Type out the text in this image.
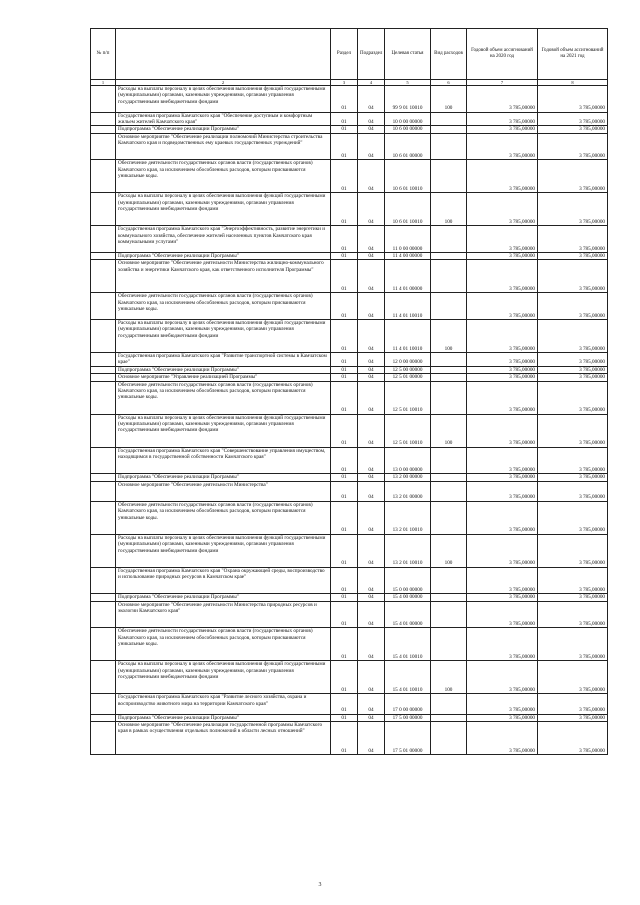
№ п/п		Раздел	Подраздел	Целевая статья	Вид расходов	Годовой объем ассигнований на 2020 год	Годовой объем ассигнований на 2021 год
1	2	3	4	5	6	7	8
	Расходы на выплаты персоналу в целях обеспечения выполнения функций государственными (муниципальными) органами, казенными учреждениями, органами управления государственными внебюджетными фондами	01	04	99 9 01 10010	100	3 785,00000	3 785,00000
	Государственная программа Камчатского края "Обеспечение доступным и комфортным жильем жителей Камчатского края"	01	04	10 0 00 00000		3 785,00000	3 785,00000
	Подпрограмма "Обеспечение реализации Программы"	01	04	10 6 00 00000		3 785,00000	3 785,00000
	Основное мероприятие "Обеспечение реализации полномочий Министерства строительства Камчатского края и подведомственных ему краевых государственных учреждений"	01	04	10 6 01 00000		3 785,00000	3 785,00000
	Обеспечение деятельности государственных органов власти (государственных органов) Камчатского края, за исключением обособленных расходов, которым присваиваются уникальные коды.	01	04	10 6 01 10010		3 785,00000	3 785,00000
	Расходы на выплаты персоналу в целях обеспечения выполнения функций государственными (муниципальными) органами, казенными учреждениями, органами управления государственными внебюджетными фондами	01	04	10 6 01 10010	100	3 785,00000	3 785,00000
	Государственная программа Камчатского края "Энергоэффективность, развитие энергетики и коммунального хозяйства, обеспечение жителей населенных пунктов Камчатского края коммунальными услугами"	01	04	11 0 00 00000		3 785,00000	3 785,00000
	Подпрограмма "Обеспечение реализации Программы"	01	04	11 4 00 00000		3 785,00000	3 785,00000
	Основное мероприятие "Обеспечение деятельности Министерства жилищно-коммунального хозяйства и энергетики Камчатского края, как ответственного исполнителя Программы"	01	04	11 4 01 00000		3 785,00000	3 785,00000
	Обеспечение деятельности государственных органов власти (государственных органов) Камчатского края, за исключением обособленных расходов, которым присваиваются уникальные коды.	01	04	11 4 01 10010		3 785,00000	3 785,00000
	Расходы на выплаты персоналу в целях обеспечения выполнения функций государственными (муниципальными) органами, казенными учреждениями, органами управления государственными внебюджетными фондами	01	04	11 4 01 10010	100	3 785,00000	3 785,00000
	Государственная программа Камчатского края "Развитие транспортной системы в Камчатском крае"	01	04	12 0 00 00000		3 785,00000	3 785,00000
	Подпрограмма "Обеспечение реализации Программы"	01	04	12 5 00 00000		3 785,00000	3 785,00000
	Основное мероприятие "Управление реализацией Программы"	01	04	12 5 01 00000		3 785,00000	3 785,00000
	Обеспечение деятельности государственных органов власти (государственных органов) Камчатского края, за исключением обособленных расходов, которым присваиваются уникальные коды.	01	04	12 5 01 10010		3 785,00000	3 785,00000
	Расходы на выплаты персоналу в целях обеспечения выполнения функций государственными (муниципальными) органами, казенными учреждениями, органами управления государственными внебюджетными фондами	01	04	12 5 01 10010	100	3 785,00000	3 785,00000
	Государственная программа Камчатского края "Совершенствование управления имуществом, находящимся в государственной собственности Камчатского края"	01	04	13 0 00 00000		3 785,00000	3 785,00000
	Подпрограмма "Обеспечение реализации Программы"	01	04	13 2 00 00000		3 785,00000	3 785,00000
	Основное мероприятие "Обеспечение деятельности Министерства"	01	04	13 2 01 00000		3 785,00000	3 785,00000
	Обеспечение деятельности государственных органов власти (государственных органов) Камчатского края, за исключением обособленных расходов, которым присваиваются уникальные коды.	01	04	13 2 01 10010		3 785,00000	3 785,00000
	Расходы на выплаты персоналу в целях обеспечения выполнения функций государственными (муниципальными) органами, казенными учреждениями, органами управления государственными внебюджетными фондами	01	04	13 2 01 10010	100	3 785,00000	3 785,00000
	Государственная программа Камчатского края "Охрана окружающей среды, воспроизводство и использование природных ресурсов в Камчатском крае"	01	04	15 0 00 00000		3 785,00000	3 785,00000
	Подпрограмма "Обеспечение реализации Программы"	01	04	15 4 00 00000		3 785,00000	3 785,00000
	Основное мероприятие "Обеспечение деятельности Министерства природных ресурсов и экологии Камчатского края"	01	04	15 4 01 00000		3 785,00000	3 785,00000
	Обеспечение деятельности государственных органов власти (государственных органов) Камчатского края, за исключением обособленных расходов, которым присваиваются уникальные коды.	01	04	15 4 01 10010		3 785,00000	3 785,00000
	Расходы на выплаты персоналу в целях обеспечения выполнения функций государственными (муниципальными) органами, казенными учреждениями, органами управления государственными внебюджетными фондами	01	04	15 4 01 10010	100	3 785,00000	3 785,00000
	Государственная программа Камчатского края "Развитие лесного хозяйства, охрана и воспроизводство животного мира на территории Камчатского края"	01	04	17 0 00 00000		3 785,00000	3 785,00000
	Подпрограмма "Обеспечение реализации Программы"	01	04	17 5 00 00000		3 785,00000	3 785,00000
	Основное мероприятие "Обеспечение реализации государственной программы Камчатского края в рамках осуществления отдельных полномочий в области лесных отношений"	01	04	17 5 01 00000		3 785,00000	3 785,00000
3
